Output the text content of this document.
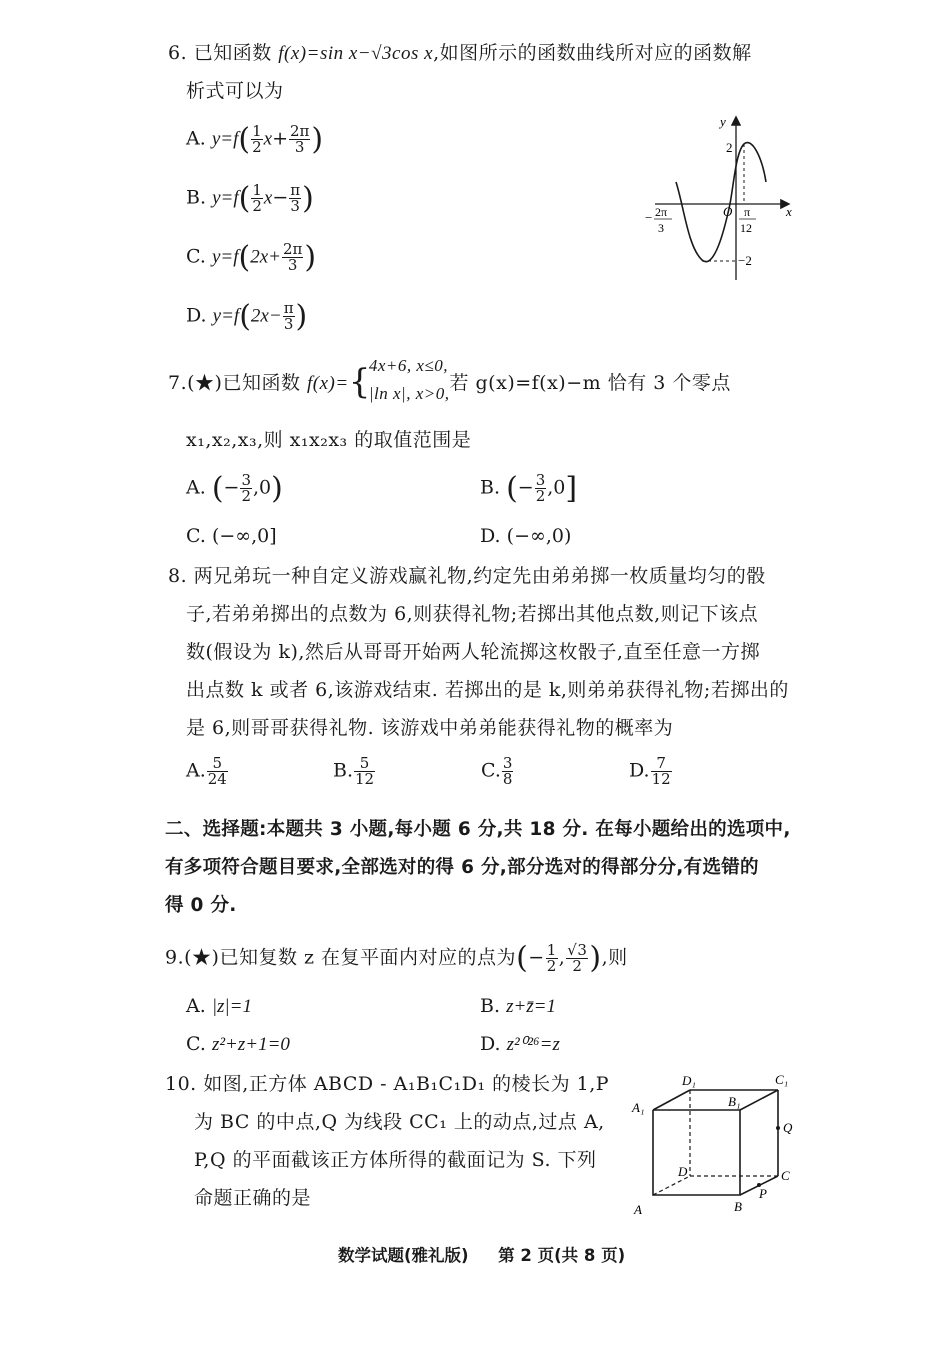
6. 已知函数 f(x)=sin x−√3cos x,如图所示的函数曲线所对应的函数解
析式可以为
A. $y=f( \frac{1}{2} x+ \frac{2\pi}{3}$ )
B. $y=f( \frac{1}{2} x- \frac{\pi}{3}$ )
C. $y=f(2x+ \frac{2\pi}{3}$ )
D. $y=f(2x- \frac{\pi}{3}$ )
y
x
O
2
−2
− 2π
3
π
12
7.(★)已知函数 f(x)={
4x+6, x≤0,
|ln x|, x>0, 若 g(x)=f(x)−m 恰有 3 个零点
x₁,x₂,x₃,则 x₁x₂x₃ 的取值范围是
A. (− $\frac{3}{2} ,0$)	B. (− $\frac{3}{2} ,0$]
C. (−∞,0]	D. (−∞,0)
8. 两兄弟玩一种自定义游戏赢礼物,约定先由弟弟掷一枚质量均匀的骰
子,若弟弟掷出的点数为 6,则获得礼物;若掷出其他点数,则记下该点
数(假设为 k),然后从哥哥开始两人轮流掷这枚骰子,直至任意一方掷
出点数 k 或者 6,该游戏结束. 若掷出的是 k,则弟弟获得礼物;若掷出的
是 6,则哥哥获得礼物. 该游戏中弟弟能获得礼物的概率为
A. $\frac{5}{24}$	B. $\frac{5}{12}$	C. $\frac{3}{8}$	D. $\frac{7}{12}$
二、选择题:本题共 3 小题,每小题 6 分,共 18 分. 在每小题给出的选项中,
有多项符合题目要求,全部选对的得 6 分,部分选对的得部分分,有选错的
得 0 分.
9.(★)已知复数 z 在复平面内对应的点为(− $\frac{1}{2}$ , $\frac{√3}{2}$ ),则
A. |z|=1	B. z+z̄=1
C. z²+z+1=0	D. z²⁰²⁶=z
10. 如图,正方体 ABCD - A₁B₁C₁D₁ 的棱长为 1,P
为 BC 的中点,Q 为线段 CC₁ 上的动点,过点 A,
P,Q 的平面截该正方体所得的截面记为 S. 下列
命题正确的是
A	B
C
D
A₁	B₁
C₁
D₁
P
Q
数学试题(雅礼版) 第 2 页(共 8 页)
